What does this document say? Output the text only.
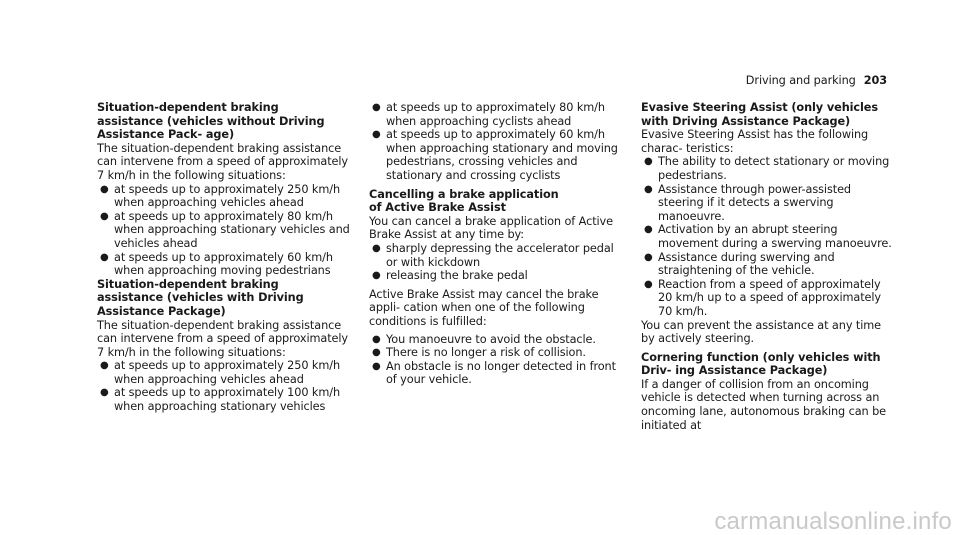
Driving and parking 203
Situation-dependent braking assistance (vehicles without Driving Assistance Pack- age)
The situation-dependent braking assistance can intervene from a speed of approximately 7 km/h in the following situations:
● at speeds up to approximately 250 km/h when approaching vehicles ahead
● at speeds up to approximately 80 km/h when approaching stationary vehicles and vehicles ahead
● at speeds up to approximately 60 km/h when approaching moving pedestrians
Situation-dependent braking assistance (vehicles with Driving Assistance Package)
The situation-dependent braking assistance can intervene from a speed of approximately 7 km/h in the following situations:
● at speeds up to approximately 250 km/h when approaching vehicles ahead
● at speeds up to approximately 100 km/h when approaching stationary vehicles
● at speeds up to approximately 80 km/h when approaching cyclists ahead
● at speeds up to approximately 60 km/h when approaching stationary and moving pedestrians, crossing vehicles and stationary and crossing cyclists
Cancelling a brake application of Active Brake Assist
You can cancel a brake application of Active Brake Assist at any time by:
● sharply depressing the accelerator pedal or with kickdown
● releasing the brake pedal
Active Brake Assist may cancel the brake appli- cation when one of the following conditions is fulfilled:
● You manoeuvre to avoid the obstacle.
● There is no longer a risk of collision.
● An obstacle is no longer detected in front of your vehicle.
Evasive Steering Assist (only vehicles with Driving Assistance Package)
Evasive Steering Assist has the following charac- teristics:
● The ability to detect stationary or moving pedestrians.
● Assistance through power-assisted steering if it detects a swerving manoeuvre.
● Activation by an abrupt steering movement during a swerving manoeuvre.
● Assistance during swerving and straightening of the vehicle.
● Reaction from a speed of approximately 20 km/h up to a speed of approximately 70 km/h.
You can prevent the assistance at any time by actively steering.
Cornering function (only vehicles with Driv- ing Assistance Package)
If a danger of collision from an oncoming vehicle is detected when turning across an oncoming lane, autonomous braking can be initiated at
carmanualsonline.info
